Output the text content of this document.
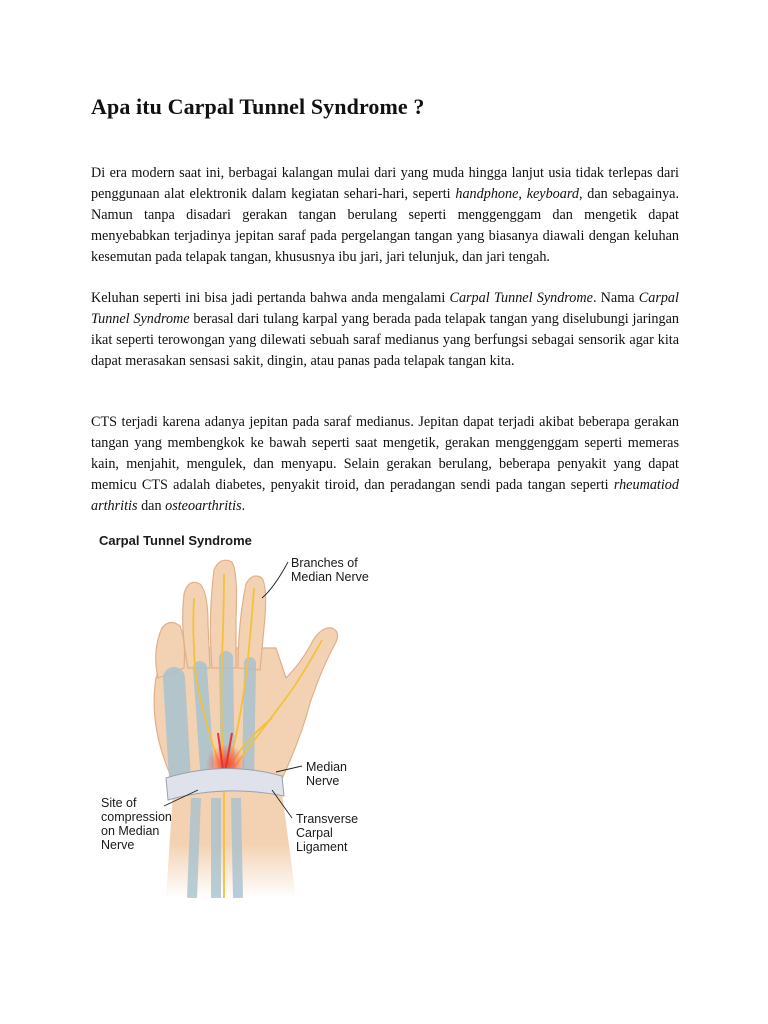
Apa itu Carpal Tunnel Syndrome ?

Di era modern saat ini, berbagai kalangan mulai dari yang muda hingga lanjut usia tidak terlepas dari penggunaan alat elektronik dalam kegiatan sehari-hari, seperti handphone, keyboard, dan sebagainya. Namun tanpa disadari gerakan tangan berulang seperti menggenggam dan mengetik dapat menyebabkan terjadinya jepitan saraf pada pergelangan tangan yang biasanya diawali dengan keluhan kesemutan pada telapak tangan, khususnya ibu jari, jari telunjuk, dan jari tengah.

Keluhan seperti ini bisa jadi pertanda bahwa anda mengalami Carpal Tunnel Syndrome. Nama Carpal Tunnel Syndrome berasal dari tulang karpal yang berada pada telapak tangan yang diselubungi jaringan ikat seperti terowongan yang dilewati sebuah saraf medianus yang berfungsi sebagai sensorik agar kita dapat merasakan sensasi sakit, dingin, atau panas pada telapak tangan kita.

CTS terjadi karena adanya jepitan pada saraf medianus. Jepitan dapat terjadi akibat beberapa gerakan tangan yang membengkok ke bawah seperti saat mengetik, gerakan menggenggam seperti memeras kain, menjahit, mengulek, dan menyapu. Selain gerakan berulang, beberapa penyakit yang dapat memicu CTS adalah diabetes, penyakit tiroid, dan peradangan sendi pada tangan seperti rheumatiod arthritis dan osteoarthritis.

Carpal Tunnel Syndrome
Branches of
Median Nerve
Median
Nerve
Site of
compression
on Median
Nerve
Transverse
Carpal
Ligament
